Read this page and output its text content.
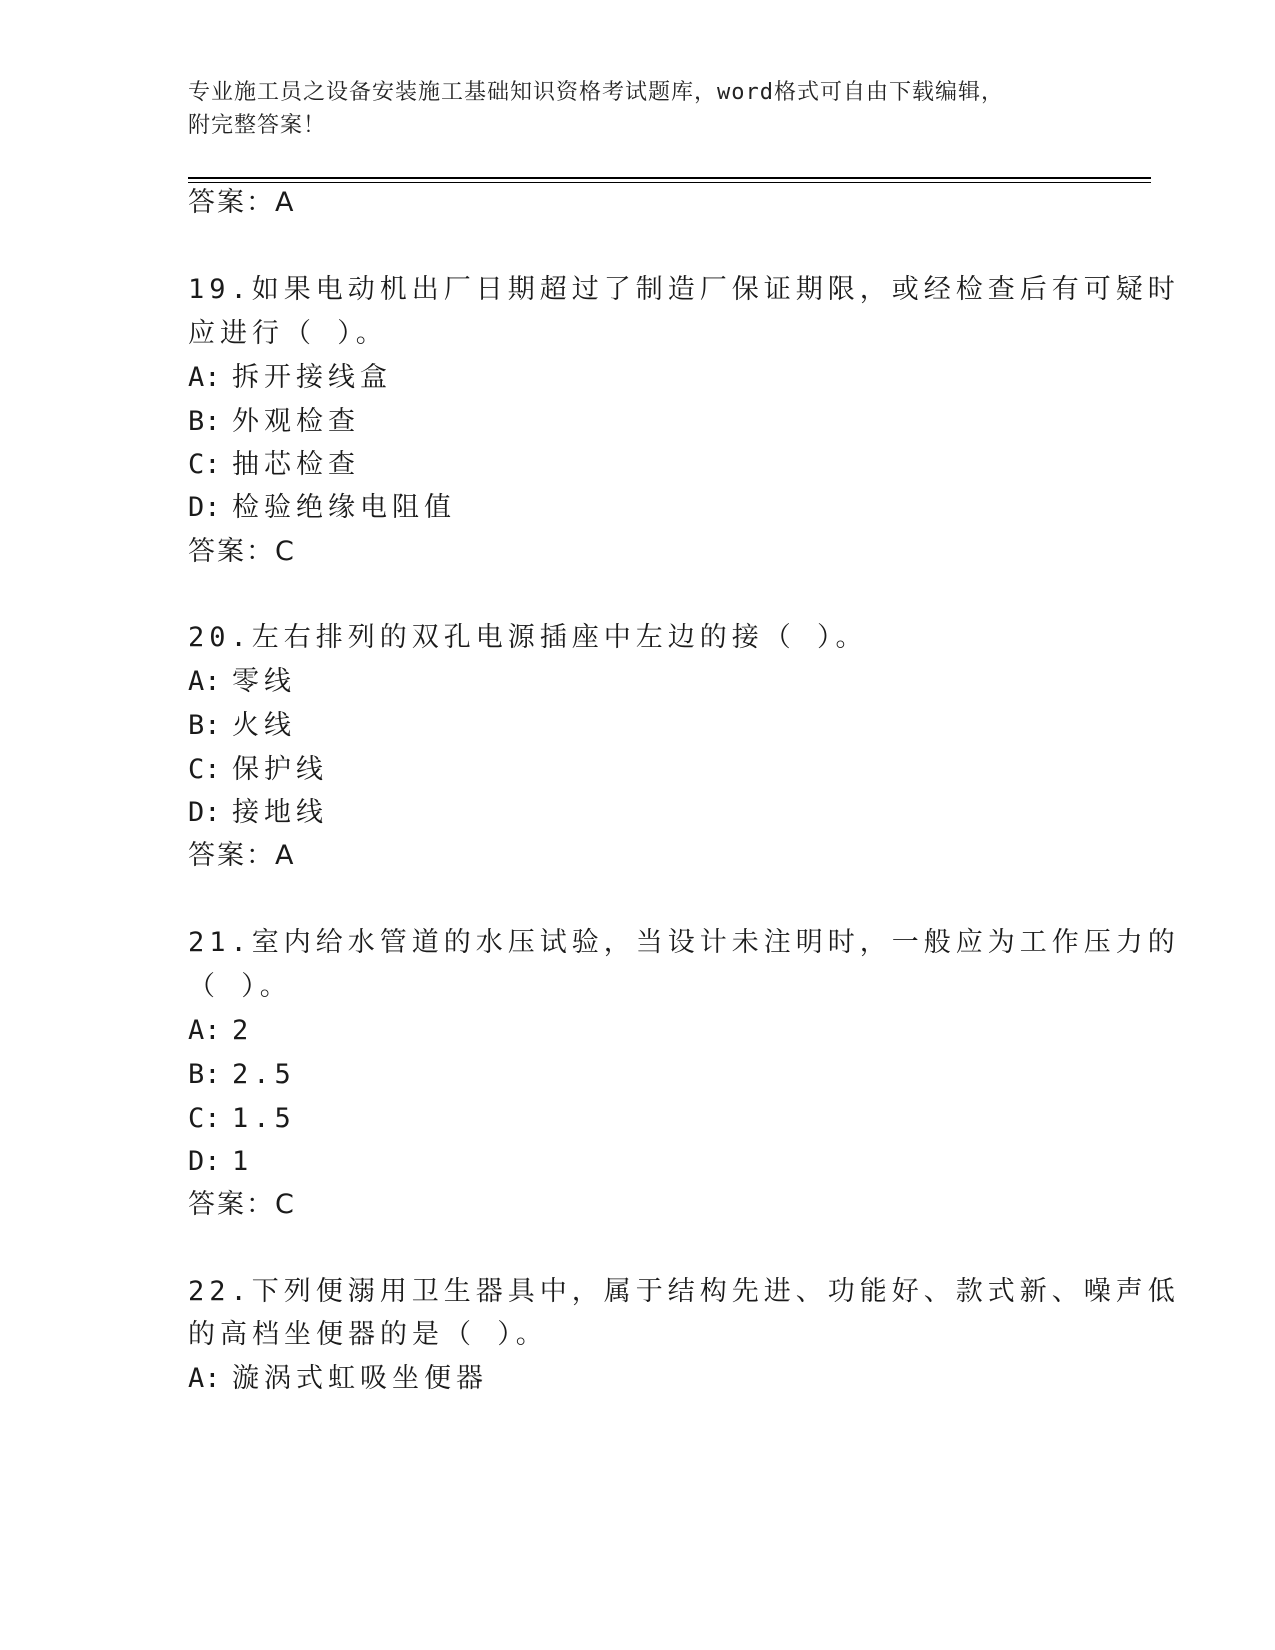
专业施工员之设备安装施工基础知识资格考试题库，word格式可自由下载编辑，
附完整答案！
答案：A
19.如果电动机出厂日期超过了制造厂保证期限，或经检查后有可疑时
应进行（ ）。
A: 拆开接线盒
B: 外观检查
C: 抽芯检查
D: 检验绝缘电阻值
答案：C
20.左右排列的双孔电源插座中左边的接（ ）。
A: 零线
B: 火线
C: 保护线
D: 接地线
答案：A
21.室内给水管道的水压试验，当设计未注明时，一般应为工作压力的
（ ）。
A: 2
B: 2.5
C: 1.5
D: 1
答案：C
22.下列便溺用卫生器具中，属于结构先进、功能好、款式新、噪声低
的高档坐便器的是（ ）。
A: 漩涡式虹吸坐便器
